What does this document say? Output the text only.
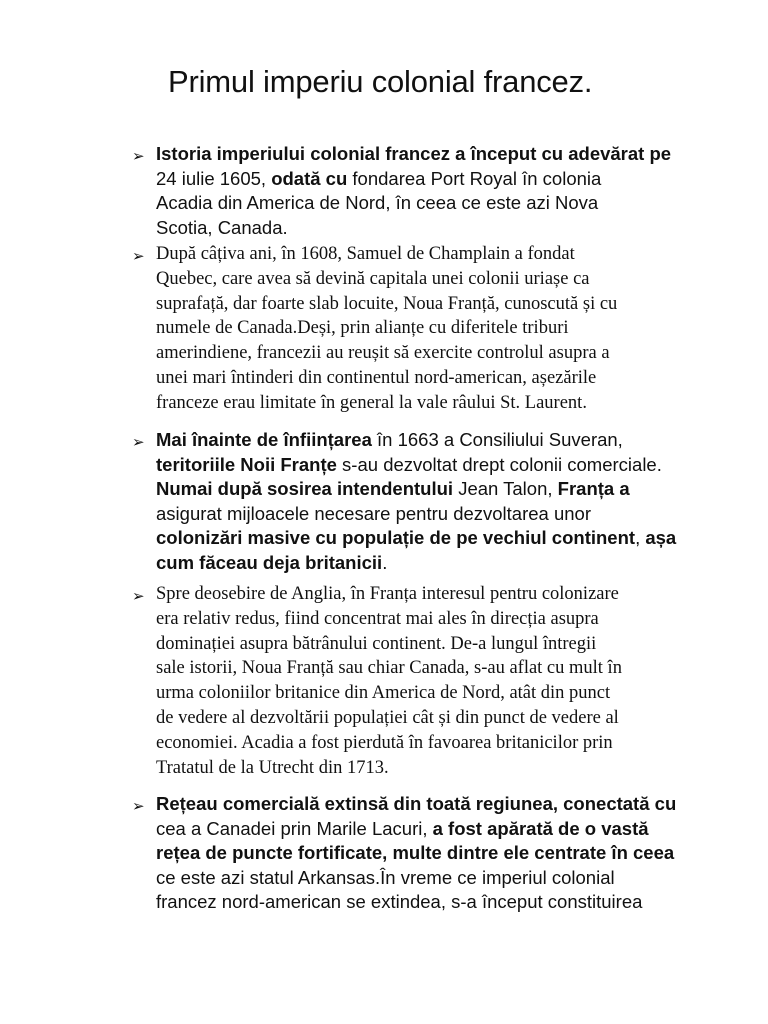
Primul imperiu colonial francez.
➢ Istoria imperiului colonial francez a început cu adevărat pe
24 iulie 1605, odată cu fondarea Port Royal în colonia
Acadia din America de Nord, în ceea ce este azi Nova
Scotia, Canada.
➢ După câțiva ani, în 1608, Samuel de Champlain a fondat
Quebec, care avea să devină capitala unei colonii uriașe ca
suprafață, dar foarte slab locuite, Noua Franță, cunoscută și cu
numele de Canada.Deși, prin alianțe cu diferitele triburi
amerindiene, francezii au reușit să exercite controlul asupra a
unei mari întinderi din continentul nord-american, așezările
franceze erau limitate în general la vale râului St. Laurent.
➢ Mai înainte de înființarea în 1663 a Consiliului Suveran,
teritoriile Noii Franțe s-au dezvoltat drept colonii comerciale.
Numai după sosirea intendentului Jean Talon, Franța a
asigurat mijloacele necesare pentru dezvoltarea unor
colonizări masive cu populație de pe vechiul continent, așa
cum făceau deja britanicii.
➢ Spre deosebire de Anglia, în Franța interesul pentru colonizare
era relativ redus, fiind concentrat mai ales în direcția asupra
dominației asupra bătrânului continent. De-a lungul întregii
sale istorii, Noua Franță sau chiar Canada, s-au aflat cu mult în
urma coloniilor britanice din America de Nord, atât din punct
de vedere al dezvoltării populației cât și din punct de vedere al
economiei. Acadia a fost pierdută în favoarea britanicilor prin
Tratatul de la Utrecht din 1713.
➢ Rețeau comercială extinsă din toată regiunea, conectată cu
cea a Canadei prin Marile Lacuri, a fost apărată de o vastă
rețea de puncte fortificate, multe dintre ele centrate în ceea
ce este azi statul Arkansas.În vreme ce imperiul colonial
francez nord-american se extindea, s-a început constituirea
